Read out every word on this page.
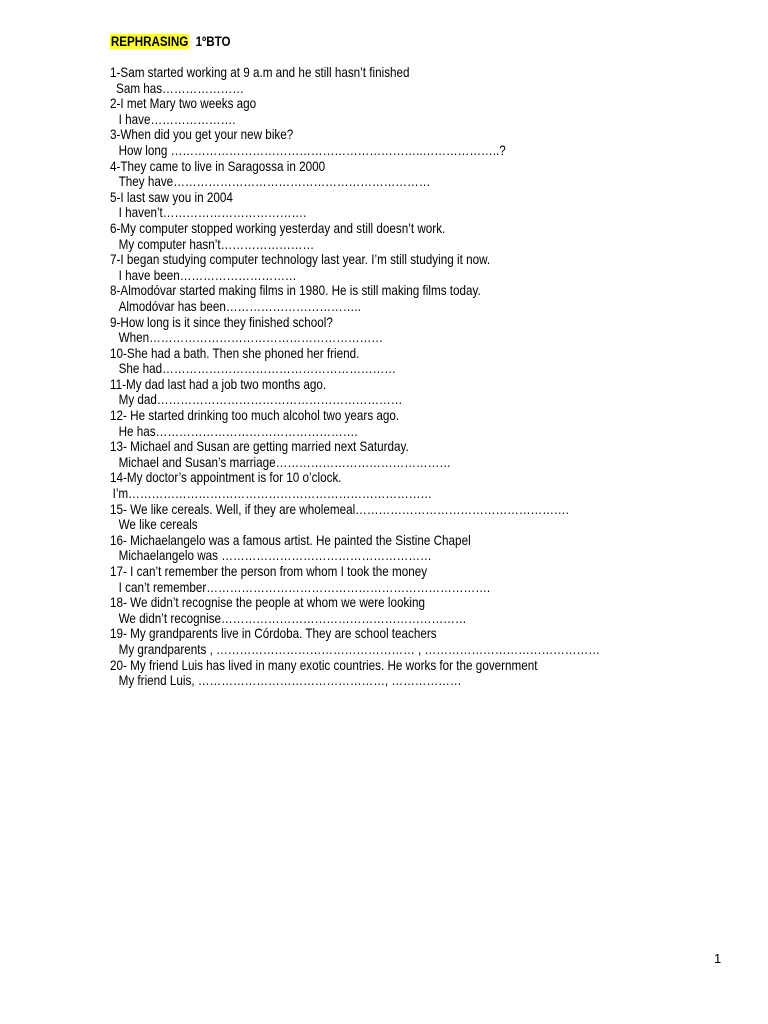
REPHRASING 1ºBTO
1-Sam started working at 9 a.m and he still hasn’t finished
Sam has…………………
2-I met Mary two weeks ago
I have………………….
3-When did you get your new bike?
How long ………………………………………………………..………………..?
4-They came to live in Saragossa in 2000
They have…………………………………………………………
5-I last saw you in 2004
I haven’t……………………………….
6-My computer stopped working yesterday and still doesn’t work.
My computer hasn’t……………………
7-I began studying computer technology last year. I’m still studying it now.
I have been…………………………
8-Almodóvar started making films in 1980. He is still making films today.
Almodóvar has been……………………………..
9-How long is it since they finished school?
When……………………………………………………
10-She had a bath. Then she phoned her friend.
She had……………………………………………………
11-My dad last had a job two months ago.
My dad………………………………………………………
12- He started drinking too much alcohol two years ago.
He has…………………………………………….
13- Michael and Susan are getting married next Saturday.
Michael and Susan’s marriage………………………………………
14-My doctor’s appointment is for 10 o’clock.
I’m……………………………………………………………………
15- We like cereals. Well, if they are wholemeal……………………………………………….
We like cereals
16- Michaelangelo was a famous artist. He painted the Sistine Chapel
Michaelangelo was ………………………………………………
17- I can’t remember the person from whom I took the money
I can’t remember……………………………………………………………….
18- We didn’t recognise the people at whom we were looking
We didn’t recognise………………………………………………………
19- My grandparents live in Córdoba. They are school teachers
My grandparents , …………………………………………… , ………………………………………
20- My friend Luis has lived in many exotic countries. He works for the government
My friend Luis, …………………………………………, ………………
1
